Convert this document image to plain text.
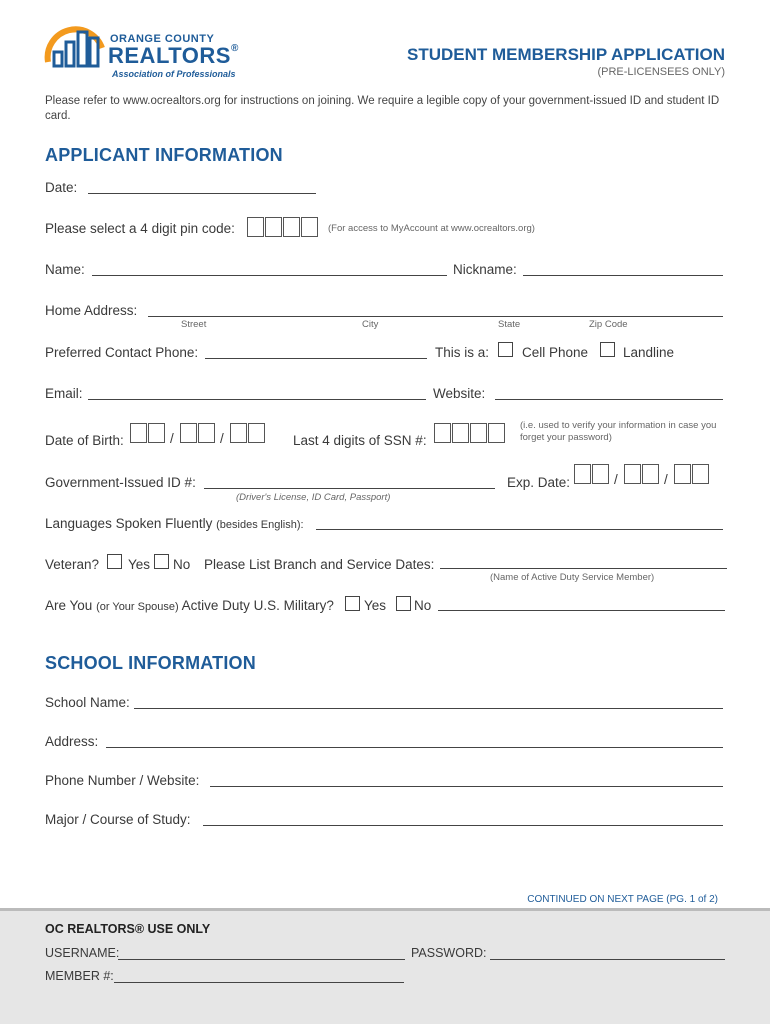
ORANGE COUNTY
REALTORS®
Association of Professionals
STUDENT MEMBERSHIP APPLICATION
(PRE-LICENSEES ONLY)
Please refer to www.ocrealtors.org for instructions on joining. We require a legible copy of your government-issued ID and student ID card.
APPLICANT INFORMATION
Date:
Please select a 4 digit pin code:	(For access to MyAccount at www.ocrealtors.org)
Name:	Nickname:
Home Address:
Street	City	State	Zip Code
Preferred Contact Phone:	This is a: Cell Phone	Landline
Email:	Website:
Date of Birth:	/	/	Last 4 digits of SSN #:
(i.e. used to verify your information in case you forget your password)
Government-Issued ID #:
(Driver's License, ID Card, Passport)
Exp. Date:	/	/
Languages Spoken Fluently (besides English):
Veteran? Yes No Please List Branch and Service Dates:
(Name of Active Duty Service Member)
Are You (or Your Spouse) Active Duty U.S. Military? Yes No
SCHOOL INFORMATION
School Name:
Address:
Phone Number / Website:
Major / Course of Study:
CONTINUED ON NEXT PAGE (PG. 1 of 2)
OC REALTORS® USE ONLY
USERNAME:	PASSWORD:
MEMBER #:
